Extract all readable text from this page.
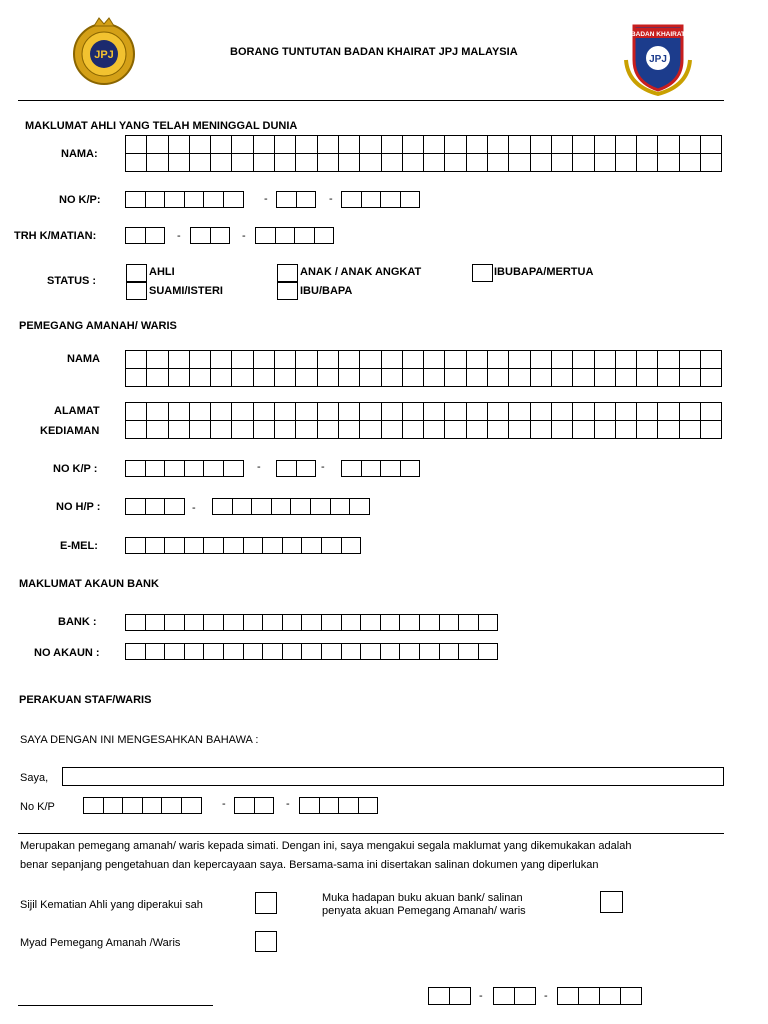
JPJ	BORANG TUNTUTAN BADAN KHAIRAT JPJ MALAYSIA
BADAN KHAIRAT
JPJ
MAKLUMAT AHLI YANG TELAH MENINGGAL DUNIA
NAMA:
NO K/P:	-	-
TRH K/MATIAN:	-	-
STATUS :
AHLI
SUAMI/ISTERI
ANAK / ANAK ANGKAT
IBU/BAPA
IBUBAPA/MERTUA
PEMEGANG AMANAH/ WARIS
NAMA
ALAMAT
KEDIAMAN
NO K/P :	-	-
NO H/P :	-
E-MEL:
MAKLUMAT AKAUN BANK
BANK :
NO AKAUN :
PERAKUAN STAF/WARIS
SAYA DENGAN INI MENGESAHKAN BAHAWA :
Saya,
No K/P	-	-
Merupakan pemegang amanah/ waris kepada simati. Dengan ini, saya mengakui segala maklumat yang dikemukakan adalah
benar sepanjang pengetahuan dan kepercayaan saya. Bersama-sama ini disertakan salinan dokumen yang diperlukan
Sijil Kematian Ahli yang diperakui sah
Muka hadapan buku akuan bank/ salinan
penyata akuan Pemegang Amanah/ waris
Myad Pemegang Amanah /Waris
-	-
